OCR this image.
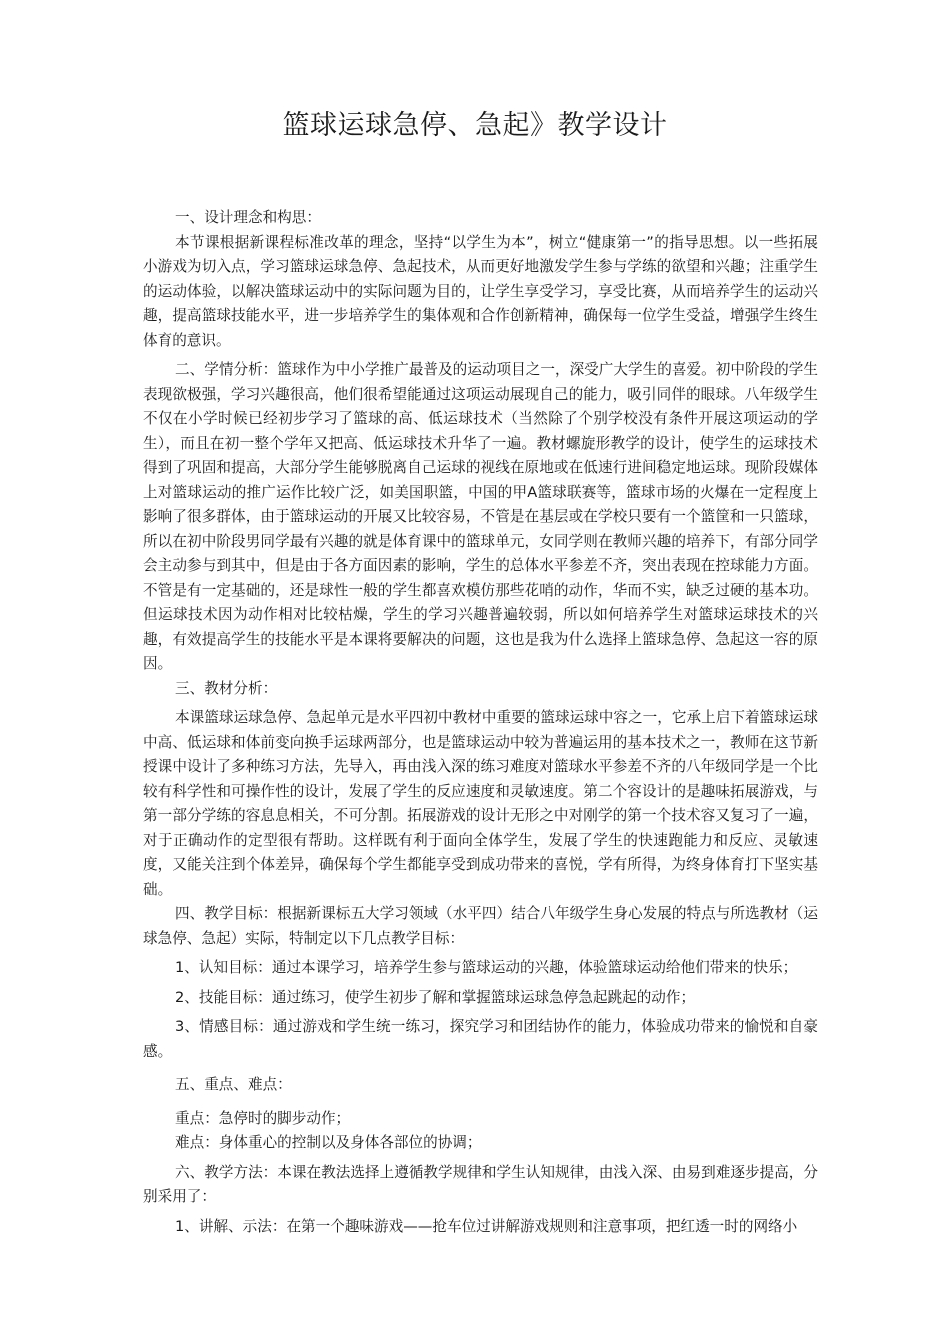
篮球运球急停、急起》教学设计

一、设计理念和构思：

本节课根据新课程标准改革的理念，坚持“以学生为本”，树立“健康第一”的指导思想。以一些拓展小游戏为切入点，学习篮球运球急停、急起技术，从而更好地激发学生参与学练的欲望和兴趣；注重学生的运动体验，以解决篮球运动中的实际问题为目的，让学生享受学习，享受比赛，从而培养学生的运动兴趣，提高篮球技能水平，进一步培养学生的集体观和合作创新精神，确保每一位学生受益，增强学生终生体育的意识。

二、学情分析：篮球作为中小学推广最普及的运动项目之一，深受广大学生的喜爱。初中阶段的学生表现欲极强，学习兴趣很高，他们很希望能通过这项运动展现自己的能力，吸引同伴的眼球。八年级学生不仅在小学时候已经初步学习了篮球的高、低运球技术（当然除了个别学校没有条件开展这项运动的学生），而且在初一整个学年又把高、低运球技术升华了一遍。教材螺旋形教学的设计，使学生的运球技术得到了巩固和提高，大部分学生能够脱离自己运球的视线在原地或在低速行进间稳定地运球。现阶段媒体上对篮球运动的推广运作比较广泛，如美国职篮，中国的甲A篮球联赛等，篮球市场的火爆在一定程度上影响了很多群体，由于篮球运动的开展又比较容易，不管是在基层或在学校只要有一个篮筐和一只篮球，所以在初中阶段男同学最有兴趣的就是体育课中的篮球单元，女同学则在教师兴趣的培养下，有部分同学会主动参与到其中，但是由于各方面因素的影响，学生的总体水平参差不齐，突出表现在控球能力方面。不管是有一定基础的，还是球性一般的学生都喜欢模仿那些花哨的动作，华而不实，缺乏过硬的基本功。但运球技术因为动作相对比较枯燥，学生的学习兴趣普遍较弱，所以如何培养学生对篮球运球技术的兴趣，有效提高学生的技能水平是本课将要解决的问题，这也是我为什么选择上篮球急停、急起这一容的原因。

三、教材分析：

本课篮球运球急停、急起单元是水平四初中教材中重要的篮球运球中容之一，它承上启下着篮球运球中高、低运球和体前变向换手运球两部分，也是篮球运动中较为普遍运用的基本技术之一，教师在这节新授课中设计了多种练习方法，先导入，再由浅入深的练习难度对篮球水平参差不齐的八年级同学是一个比较有科学性和可操作性的设计，发展了学生的反应速度和灵敏速度。第二个容设计的是趣味拓展游戏，与第一部分学练的容息息相关，不可分割。拓展游戏的设计无形之中对刚学的第一个技术容又复习了一遍，对于正确动作的定型很有帮助。这样既有利于面向全体学生，发展了学生的快速跑能力和反应、灵敏速度，又能关注到个体差异，确保每个学生都能享受到成功带来的喜悦，学有所得，为终身体育打下坚实基础。

四、教学目标：根据新课标五大学习领域（水平四）结合八年级学生身心发展的特点与所选教材（运球急停、急起）实际，特制定以下几点教学目标：

1、认知目标：通过本课学习，培养学生参与篮球运动的兴趣，体验篮球运动给他们带来的快乐；

2、技能目标：通过练习，使学生初步了解和掌握篮球运球急停急起跳起的动作；

3、情感目标：通过游戏和学生统一练习，探究学习和团结协作的能力，体验成功带来的愉悦和自豪感。

五、重点、难点：

重点：急停时的脚步动作；

难点：身体重心的控制以及身体各部位的协调；

六、教学方法：本课在教法选择上遵循教学规律和学生认知规律，由浅入深、由易到难逐步提高，分别采用了：

1、讲解、示法：在第一个趣味游戏——抢车位过讲解游戏规则和注意事项，把红透一时的网络小
